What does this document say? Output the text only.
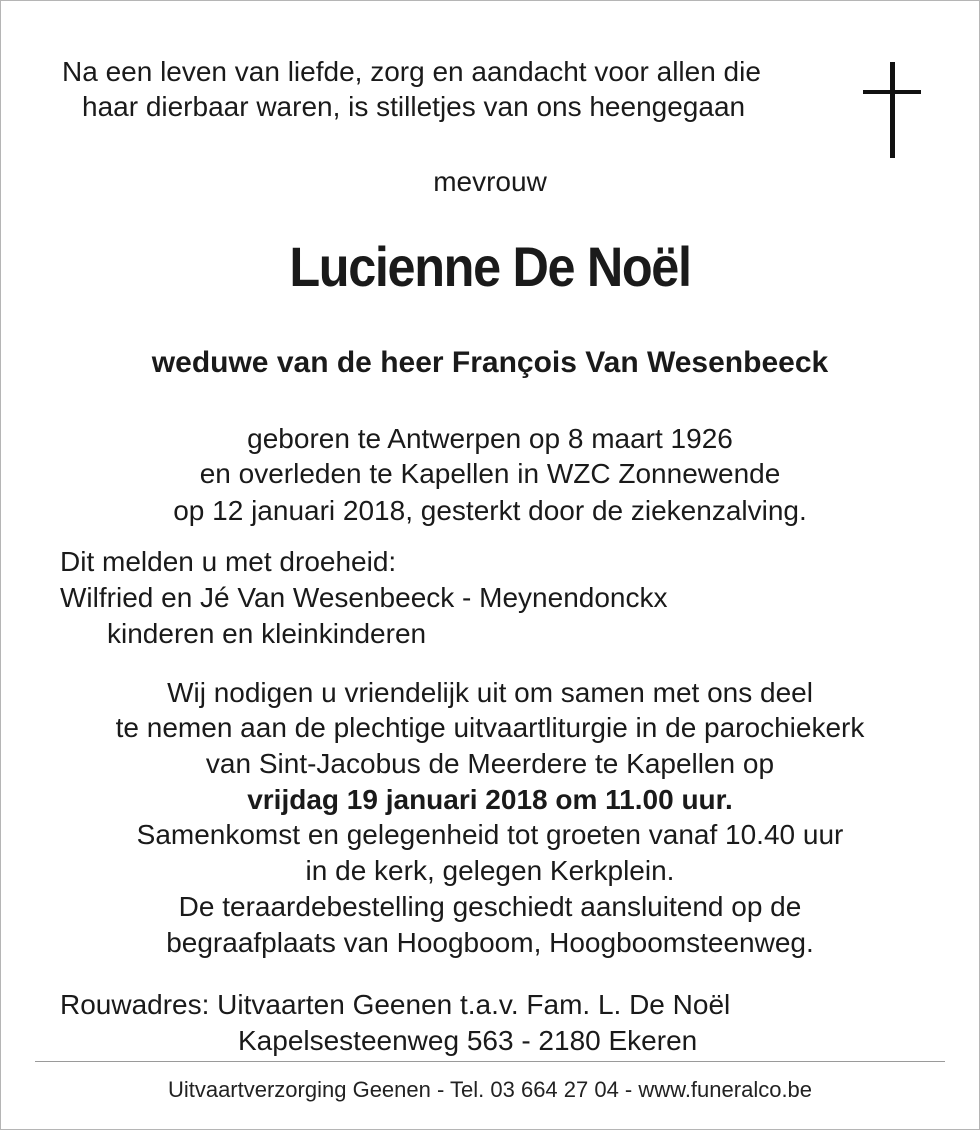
Na een leven van liefde, zorg en aandacht voor allen die
haar dierbaar waren, is stilletjes van ons heengegaan
mevrouw
Lucienne De Noël
weduwe van de heer François Van Wesenbeeck
geboren te Antwerpen op 8 maart 1926
en overleden te Kapellen in WZC Zonnewende
op 12 januari 2018, gesterkt door de ziekenzalving.
Dit melden u met droeheid:
Wilfried en Jé Van Wesenbeeck - Meynendonckx
kinderen en kleinkinderen
Wij nodigen u vriendelijk uit om samen met ons deel
te nemen aan de plechtige uitvaartliturgie in de parochiekerk
van Sint-Jacobus de Meerdere te Kapellen op
vrijdag 19 januari 2018 om 11.00 uur.
Samenkomst en gelegenheid tot groeten vanaf 10.40 uur
in de kerk, gelegen Kerkplein.
De teraardebestelling geschiedt aansluitend op de
begraafplaats van Hoogboom, Hoogboomsteenweg.
Rouwadres: Uitvaarten Geenen t.a.v. Fam. L. De Noël
Kapelsesteenweg 563 - 2180 Ekeren
Uitvaartverzorging Geenen - Tel. 03 664 27 04 - www.funeralco.be
